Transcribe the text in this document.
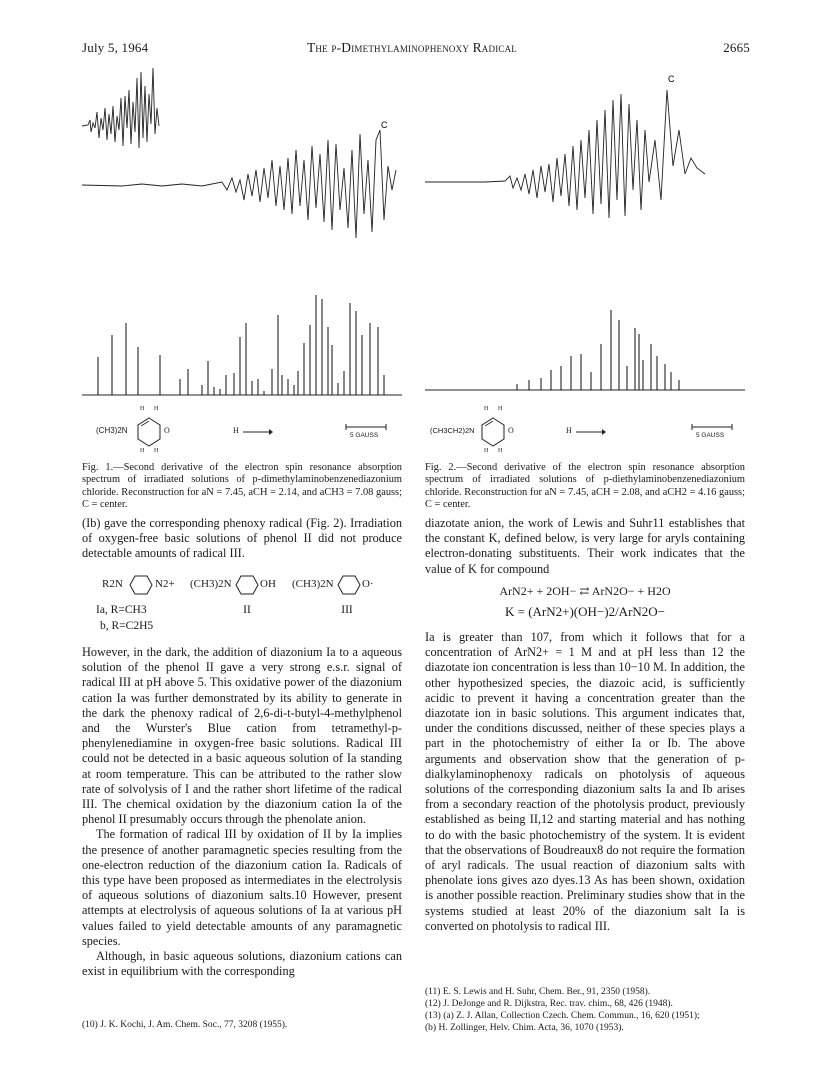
July 5, 1964	The p-Dimethylaminophenoxy Radical	2665
C
(CH3)2N	O
H H
H H
H
5 GAUSS
Fig. 1.—Second derivative of the electron spin resonance absorption spectrum of irradiated solutions of p-dimethylaminobenzenediazonium chloride. Reconstruction for aN = 7.45, aCH = 2.14, and aCH3 = 7.08 gauss; C = center.
C
(CH3CH2)2N	O
H H
H H
H
5 GAUSS
Fig. 2.—Second derivative of the electron spin resonance absorption spectrum of irradiated solutions of p-diethylaminobenzenediazonium chloride. Reconstruction for aN = 7.45, aCH = 2.08, and aCH2 = 4.16 gauss; C = center.

(Ib) gave the corresponding phenoxy radical (Fig. 2). Irradiation of oxygen-free basic solutions of phenol II did not produce detectable amounts of radical III.

R2N	N2+ (CH3)2N	OH (CH3)2N	O·
Ia, R=CH3
b, R=C2H5
II	III

However, in the dark, the addition of diazonium Ia to a aqueous solution of the phenol II gave a very strong e.s.r. signal of radical III at pH above 5. This oxidative power of the diazonium cation Ia was further demonstrated by its ability to generate in the dark the phenoxy radical of 2,6-di-t-butyl-4-methylphenol and the Wurster's Blue cation from tetramethyl-p-phenylenediamine in oxygen-free basic solutions. Radical III could not be detected in a basic aqueous solution of Ia standing at room temperature. This can be attributed to the rather slow rate of solvolysis of I and the rather short lifetime of the radical III. The chemical oxidation by the diazonium cation Ia of the phenol II presumably occurs through the phenolate anion.

The formation of radical III by oxidation of II by Ia implies the presence of another paramagnetic species resulting from the one-electron reduction of the diazonium cation Ia. Radicals of this type have been proposed as intermediates in the electrolysis of aqueous solutions of diazonium salts.10 However, present attempts at electrolysis of aqueous solutions of Ia at various pH values failed to yield detectable amounts of any paramagnetic species.

Although, in basic aqueous solutions, diazonium cations can exist in equilibrium with the corresponding

(10) J. K. Kochi, J. Am. Chem. Soc., 77, 3208 (1955).

diazotate anion, the work of Lewis and Suhr11 establishes that the constant K, defined below, is very large for aryls containing electron-donating substituents. Their work indicates that the value of K for compound

ArN2+ + 2OH− ⇄ ArN2O− + H2O
K = (ArN2+)(OH−)2/ArN2O−

Ia is greater than 107, from which it follows that for a concentration of ArN2+ = 1 M and at pH less than 12 the diazotate ion concentration is less than 10−10 M. In addition, the other hypothesized species, the diazoic acid, is sufficiently acidic to prevent it having a concentration greater than the diazotate ion in basic solutions. This argument indicates that, under the conditions discussed, neither of these species plays a part in the photochemistry of either Ia or Ib. The above arguments and observation show that the generation of p-dialkylaminophenoxy radicals on photolysis of aqueous solutions of the corresponding diazonium salts Ia and Ib arises from a secondary reaction of the photolysis product, previously established as being II,12 and starting material and has nothing to do with the basic photochemistry of the system. It is evident that the observations of Boudreaux8 do not require the formation of aryl radicals. The usual reaction of diazonium salts with phenolate ions gives azo dyes.13 As has been shown, oxidation is another possible reaction. Preliminary studies show that in the systems studied at least 20% of the diazonium salt Ia is converted on photolysis to radical III.

(11) E. S. Lewis and H. Suhr, Chem. Ber., 91, 2350 (1958).
(12) J. DeJonge and R. Dijkstra, Rec. trav. chim., 68, 426 (1948).
(13) (a) Z. J. Allan, Collection Czech. Chem. Commun., 16, 620 (1951);
(b) H. Zollinger, Helv. Chim. Acta, 36, 1070 (1953).
